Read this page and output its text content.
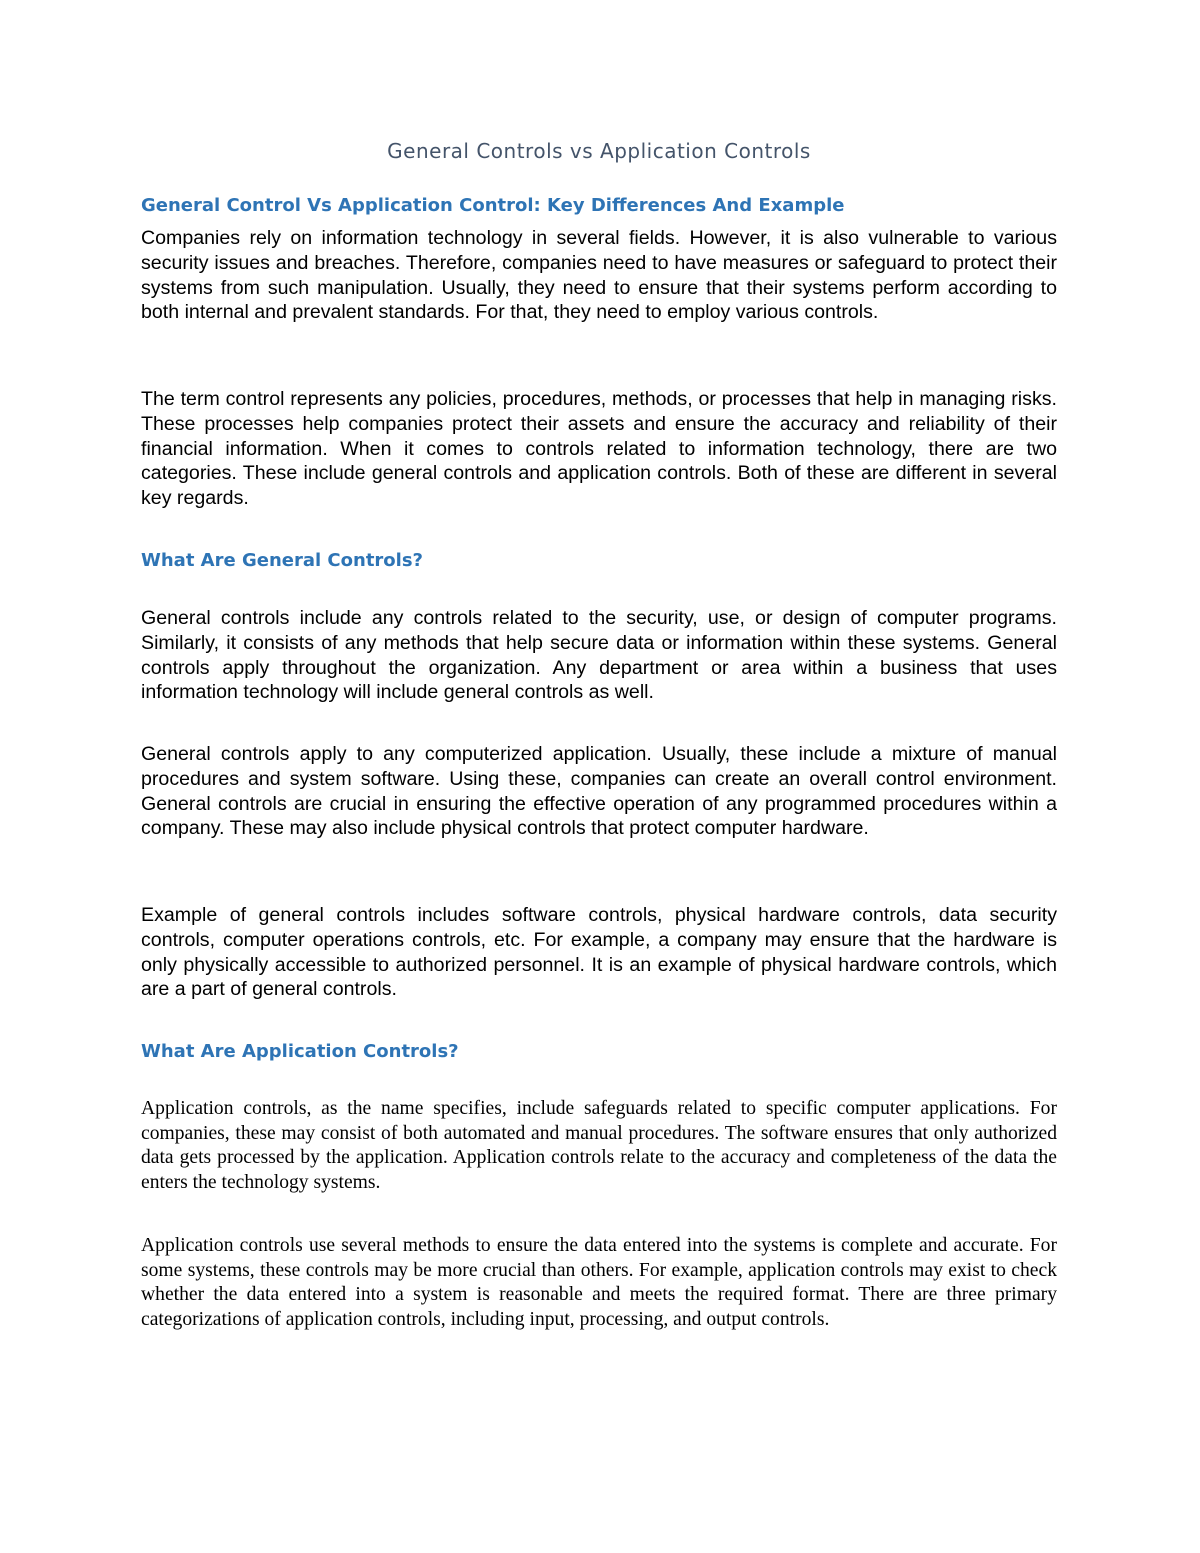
General Controls vs Application Controls
General Control Vs Application Control: Key Differences And Example

Companies rely on information technology in several fields. However, it is also vulnerable to various security issues and breaches. Therefore, companies need to have measures or safeguard to protect their systems from such manipulation. Usually, they need to ensure that their systems perform according to both internal and prevalent standards. For that, they need to employ various controls.

The term control represents any policies, procedures, methods, or processes that help in managing risks. These processes help companies protect their assets and ensure the accuracy and reliability of their financial information. When it comes to controls related to information technology, there are two categories. These include general controls and application controls. Both of these are different in several key regards.

What Are General Controls?

General controls include any controls related to the security, use, or design of computer programs. Similarly, it consists of any methods that help secure data or information within these systems. General controls apply throughout the organization. Any department or area within a business that uses information technology will include general controls as well.

General controls apply to any computerized application. Usually, these include a mixture of manual procedures and system software. Using these, companies can create an overall control environment. General controls are crucial in ensuring the effective operation of any programmed procedures within a company. These may also include physical controls that protect computer hardware.

Example of general controls includes software controls, physical hardware controls, data security controls, computer operations controls, etc. For example, a company may ensure that the hardware is only physically accessible to authorized personnel. It is an example of physical hardware controls, which are a part of general controls.

What Are Application Controls?

Application controls, as the name specifies, include safeguards related to specific computer applications. For companies, these may consist of both automated and manual procedures. The software ensures that only authorized data gets processed by the application. Application controls relate to the accuracy and completeness of the data the enters the technology systems.

Application controls use several methods to ensure the data entered into the systems is complete and accurate. For some systems, these controls may be more crucial than others. For example, application controls may exist to check whether the data entered into a system is reasonable and meets the required format. There are three primary categorizations of application controls, including input, processing, and output controls.
